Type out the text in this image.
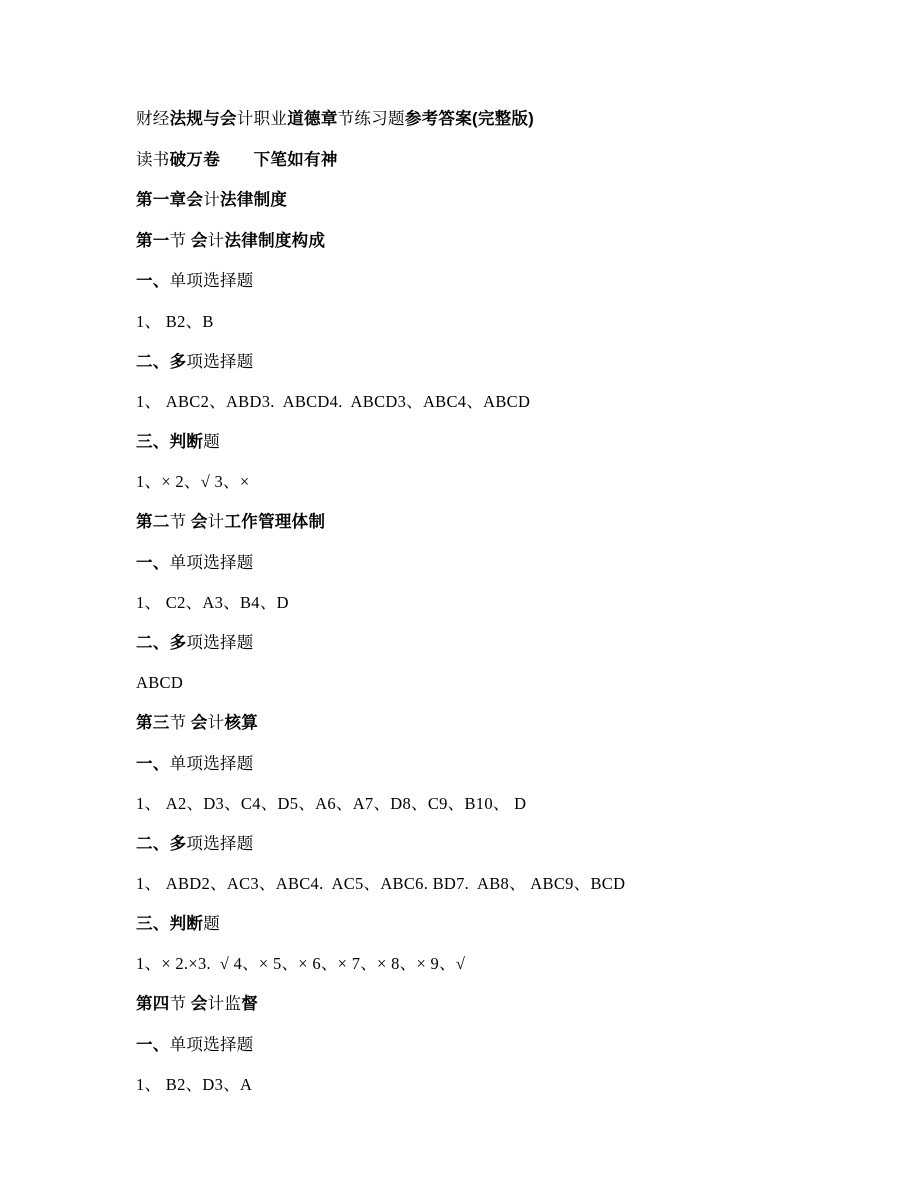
财经法规与会计职业道德章节练习题参考答案(完整版)

读书破万卷　　 下笔如有神

第一章会计法律制度

第一节 会计法律制度构成

一、单项选择题

1、 B2、B

二、多项选择题

1、 ABC2、ABD3.  ABCD4.  ABCD3、ABC4、ABCD

三、判断题

1、× 2、√ 3、×

第二节 会计工作管理体制

一、单项选择题

1、 C2、A3、B4、D

二、多项选择题

ABCD

第三节 会计核算

一、单项选择题

1、 A2、D3、C4、D5、A6、A7、D8、C9、B10、 D

二、多项选择题

1、 ABD2、AC3、ABC4.  AC5、ABC6. BD7.  AB8、 ABC9、BCD

三、判断题

1、× 2.×3.  √ 4、× 5、× 6、× 7、× 8、× 9、√

第四节 会计监督

一、单项选择题

1、 B2、D3、A
